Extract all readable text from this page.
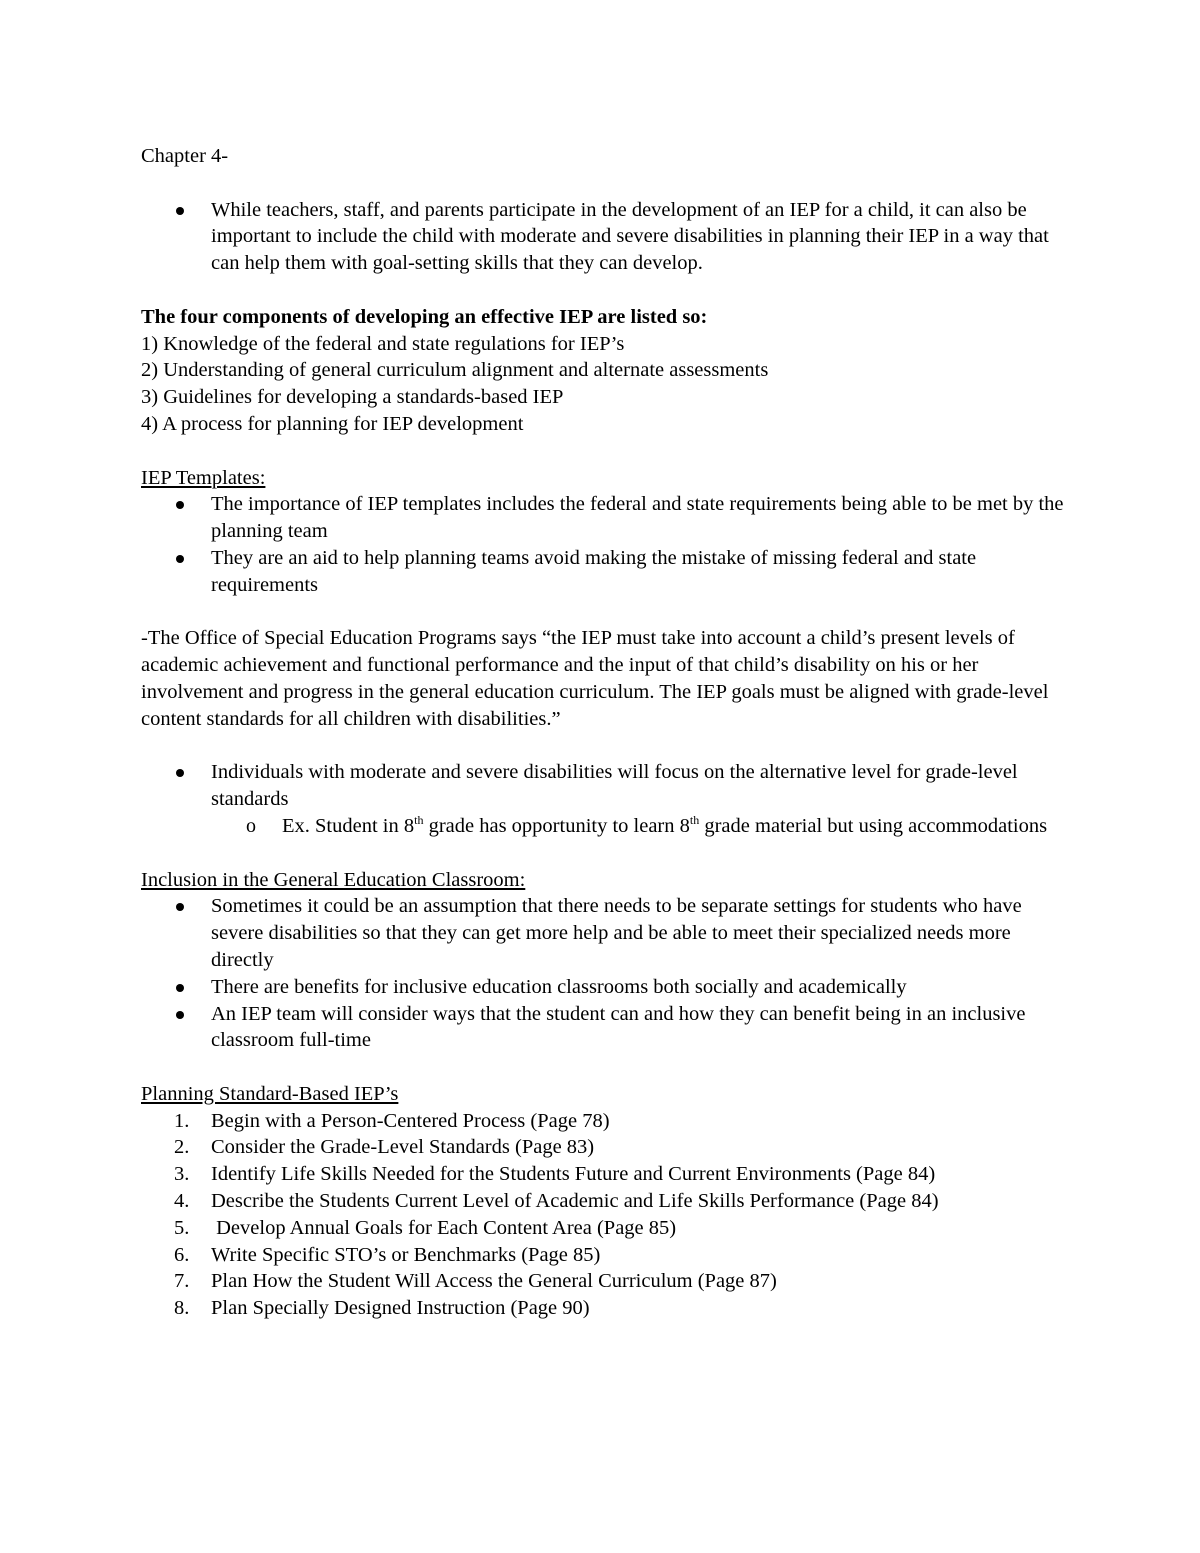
Chapter 4-

While teachers, staff, and parents participate in the development of an IEP for a child, it can also be important to include the child with moderate and severe disabilities in planning their IEP in a way that can help them with goal-setting skills that they can develop.

The four components of developing an effective IEP are listed so:

1) Knowledge of the federal and state regulations for IEP’s

2) Understanding of general curriculum alignment and alternate assessments

3) Guidelines for developing a standards-based IEP

4) A process for planning for IEP development

IEP Templates:

The importance of IEP templates includes the federal and state requirements being able to be met by the planning team
They are an aid to help planning teams avoid making the mistake of missing federal and state requirements

-The Office of Special Education Programs says “the IEP must take into account a child’s present levels of academic achievement and functional performance and the input of that child’s disability on his or her involvement and progress in the general education curriculum. The IEP goals must be aligned with grade-level content standards for all children with disabilities.”

Individuals with moderate and severe disabilities will focus on the alternative level for grade-level standards
o Ex. Student in 8th grade has opportunity to learn 8th grade material but using accommodations

Inclusion in the General Education Classroom:

Sometimes it could be an assumption that there needs to be separate settings for students who have severe disabilities so that they can get more help and be able to meet their specialized needs more directly
There are benefits for inclusive education classrooms both socially and academically
An IEP team will consider ways that the student can and how they can benefit being in an inclusive classroom full-time

Planning Standard-Based IEP’s

1. Begin with a Person-Centered Process (Page 78)
2. Consider the Grade-Level Standards (Page 83)
3. Identify Life Skills Needed for the Students Future and Current Environments (Page 84)
4. Describe the Students Current Level of Academic and Life Skills Performance (Page 84)
5. Develop Annual Goals for Each Content Area (Page 85)
6. Write Specific STO’s or Benchmarks (Page 85)
7. Plan How the Student Will Access the General Curriculum (Page 87)
8. Plan Specially Designed Instruction (Page 90)
